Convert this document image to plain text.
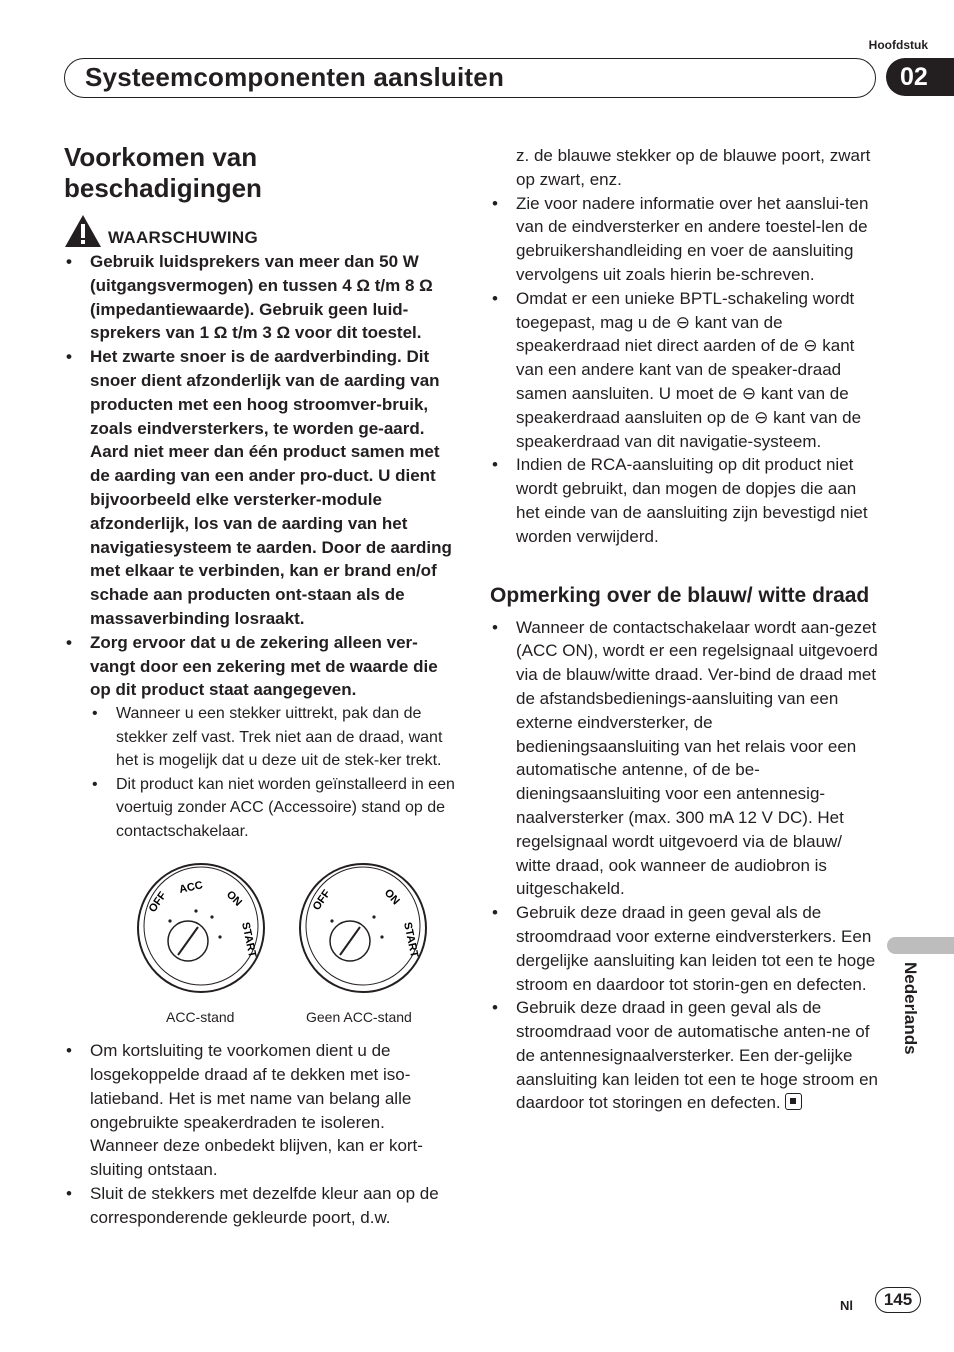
Hoofdstuk
Systeemcomponenten aansluiten	02
Voorkomen van beschadigingen
WAARSCHUWING
• Gebruik luidsprekers van meer dan 50 W (uitgangsvermogen) en tussen 4 Ω t/m 8 Ω (impedantiewaarde). Gebruik geen luid-sprekers van 1 Ω t/m 3 Ω voor dit toestel.
• Het zwarte snoer is de aardverbinding. Dit snoer dient afzonderlijk van de aarding van producten met een hoog stroomver-bruik, zoals eindversterkers, te worden ge-aard. Aard niet meer dan één product samen met de aarding van een ander pro-duct. U dient bijvoorbeeld elke versterker-module afzonderlijk, los van de aarding van het navigatiesysteem te aarden. Door de aarding met elkaar te verbinden, kan er brand en/of schade aan producten ont-staan als de massaverbinding losraakt.
• Zorg ervoor dat u de zekering alleen ver-vangt door een zekering met de waarde die op dit product staat aangegeven.
• Wanneer u een stekker uittrekt, pak dan de stekker zelf vast. Trek niet aan de draad, want het is mogelijk dat u deze uit de stek-ker trekt.
• Dit product kan niet worden geïnstalleerd in een voertuig zonder ACC (Accessoire) stand op de contactschakelaar.
OFF
ACC
ON
START
OFF	ON
START
ACC-stand	Geen ACC-stand
• Om kortsluiting te voorkomen dient u de losgekoppelde draad af te dekken met iso-latieband. Het is met name van belang alle ongebruikte speakerdraden te isoleren. Wanneer deze onbedekt blijven, kan er kort-sluiting ontstaan.
• Sluit de stekkers met dezelfde kleur aan op de corresponderende gekleurde poort, d.w.
z. de blauwe stekker op de blauwe poort, zwart op zwart, enz.
• Zie voor nadere informatie over het aanslui-ten van de eindversterker en andere toestel-len de gebruikershandleiding en voer de aansluiting vervolgens uit zoals hierin be-schreven.
• Omdat er een unieke BPTL-schakeling wordt toegepast, mag u de ⊖ kant van de speakerdraad niet direct aarden of de ⊖ kant van een andere kant van de speaker-draad samen aansluiten. U moet de ⊖ kant van de speakerdraad aansluiten op de ⊖ kant van de speakerdraad van dit navigatie-systeem.
• Indien de RCA-aansluiting op dit product niet wordt gebruikt, dan mogen de dopjes die aan het einde van de aansluiting zijn bevestigd niet worden verwijderd.
Opmerking over de blauw/ witte draad
• Wanneer de contactschakelaar wordt aan-gezet (ACC ON), wordt er een regelsignaal uitgevoerd via de blauw/witte draad. Ver-bind de draad met de afstandsbedienings-aansluiting van een externe eindversterker, de bedieningsaansluiting van het relais voor een automatische antenne, of de be-dieningsaansluiting voor een antennesig-naalversterker (max. 300 mA 12 V DC). Het regelsignaal wordt uitgevoerd via de blauw/ witte draad, ook wanneer de audiobron is uitgeschakeld.
• Gebruik deze draad in geen geval als de stroomdraad voor externe eindversterkers. Een dergelijke aansluiting kan leiden tot een te hoge stroom en daardoor tot storin-gen en defecten.
• Gebruik deze draad in geen geval als de stroomdraad voor de automatische anten-ne of de antennesignaalversterker. Een der-gelijke aansluiting kan leiden tot een te hoge stroom en daardoor tot storingen en defecten.
Nederlands
Nl	145
